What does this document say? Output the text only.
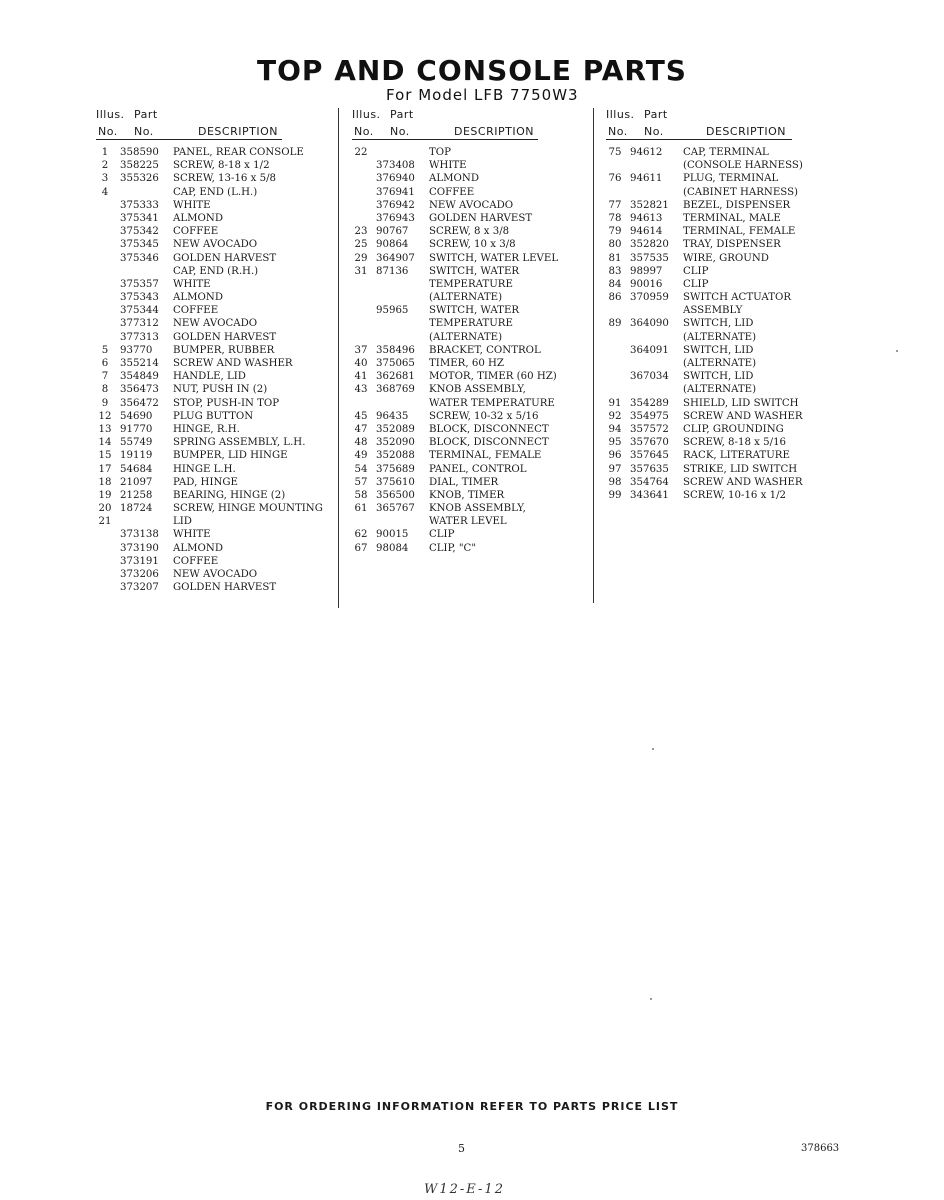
TOP AND CONSOLE PARTS
For Model LFB 7750W3
Illus. Part
No. No.	DESCRIPTION
1	358590 PANEL, REAR CONSOLE
2	358225 SCREW, 8-18 x 1/2
3	355326 SCREW, 13-16 x 5/8
4	CAP, END (L.H.)
375333 WHITE
375341 ALMOND
375342 COFFEE
375345 NEW AVOCADO
375346 GOLDEN HARVEST
CAP, END (R.H.)
375357 WHITE
375343 ALMOND
375344 COFFEE
377312 NEW AVOCADO
377313 GOLDEN HARVEST
5	93770 BUMPER, RUBBER
6	355214 SCREW AND WASHER
7	354849 HANDLE, LID
8	356473 NUT, PUSH IN (2)
9	356472 STOP, PUSH-IN TOP
12 54690 PLUG BUTTON
13 91770 HINGE, R.H.
14 55749 SPRING ASSEMBLY, L.H.
15 19119 BUMPER, LID HINGE
17 54684 HINGE L.H.
18 21097 PAD, HINGE
19 21258 BEARING, HINGE (2)
20 18724 SCREW, HINGE MOUNTING
21	LID
373138 WHITE
373190 ALMOND
373191 COFFEE
373206 NEW AVOCADO
373207 GOLDEN HARVEST
Illus. Part
No. No.	DESCRIPTION
22	TOP
373408 WHITE
376940 ALMOND
376941 COFFEE
376942 NEW AVOCADO
376943 GOLDEN HARVEST
23 90767 SCREW, 8 x 3/8
25 90864 SCREW, 10 x 3/8
29 364907 SWITCH, WATER LEVEL
31 87136 SWITCH, WATER
TEMPERATURE
(ALTERNATE)
95965 SWITCH, WATER
TEMPERATURE
(ALTERNATE)
37 358496 BRACKET, CONTROL
40 375065 TIMER, 60 HZ
41 362681 MOTOR, TIMER (60 HZ)
43 368769 KNOB ASSEMBLY,
WATER TEMPERATURE
45 96435 SCREW, 10-32 x 5/16
47 352089 BLOCK, DISCONNECT
48 352090 BLOCK, DISCONNECT
49 352088 TERMINAL, FEMALE
54 375689 PANEL, CONTROL
57 375610 DIAL, TIMER
58 356500 KNOB, TIMER
61 365767 KNOB ASSEMBLY,
WATER LEVEL
62 90015 CLIP
67 98084 CLIP, "C"
Illus. Part
No. No.	DESCRIPTION
75 94612 CAP, TERMINAL
(CONSOLE HARNESS)
76 94611 PLUG, TERMINAL
(CABINET HARNESS)
77 352821 BEZEL, DISPENSER
78 94613 TERMINAL, MALE
79 94614 TERMINAL, FEMALE
80 352820 TRAY, DISPENSER
81 357535 WIRE, GROUND
83 98997 CLIP
84 90016 CLIP
86 370959 SWITCH ACTUATOR
ASSEMBLY
89 364090 SWITCH, LID
(ALTERNATE)
364091 SWITCH, LID
(ALTERNATE)
367034 SWITCH, LID
(ALTERNATE)
91 354289 SHIELD, LID SWITCH
92 354975 SCREW AND WASHER
94 357572 CLIP, GROUNDING
95 357670 SCREW, 8-18 x 5/16
96 357645 RACK, LITERATURE
97 357635 STRIKE, LID SWITCH
98 354764 SCREW AND WASHER
99 343641 SCREW, 10-16 x 1/2
FOR ORDERING INFORMATION REFER TO PARTS PRICE LIST
5	378663
W12-E-12
